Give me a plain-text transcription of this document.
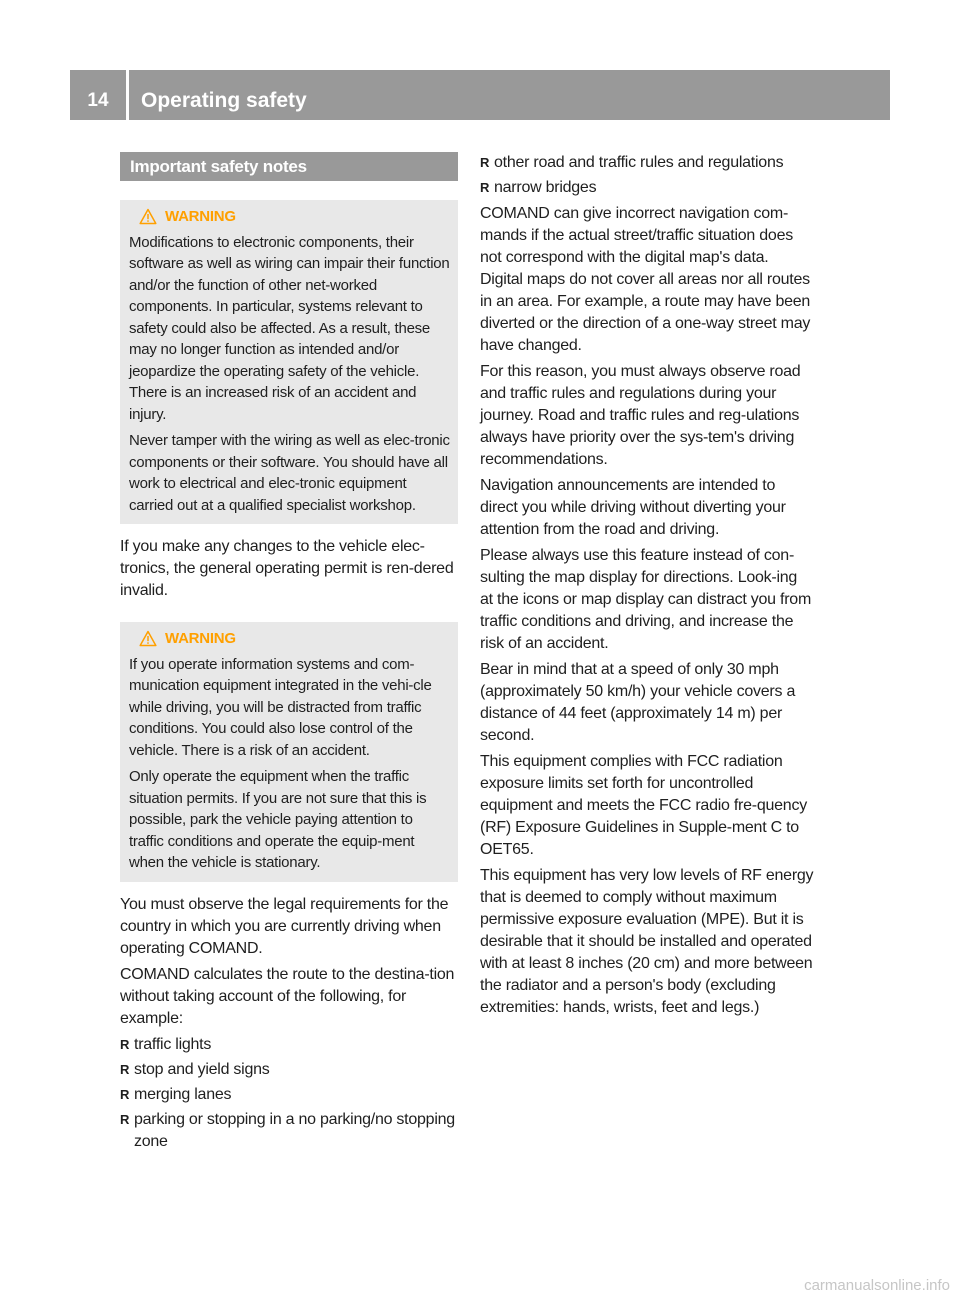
14	Operating safety
Important safety notes
WARNING

Modifications to electronic components, their software as well as wiring can impair their function and/or the function of other net-worked components. In particular, systems relevant to safety could also be affected. As a result, these may no longer function as intended and/or jeopardize the operating safety of the vehicle. There is an increased risk of an accident and injury.

Never tamper with the wiring as well as elec-tronic components or their software. You should have all work to electrical and elec-tronic equipment carried out at a qualified specialist workshop.

If you make any changes to the vehicle elec-tronics, the general operating permit is ren-dered invalid.

WARNING

If you operate information systems and com-munication equipment integrated in the vehi-cle while driving, you will be distracted from traffic conditions. You could also lose control of the vehicle. There is a risk of an accident.

Only operate the equipment when the traffic situation permits. If you are not sure that this is possible, park the vehicle paying attention to traffic conditions and operate the equip-ment when the vehicle is stationary.

You must observe the legal requirements for the country in which you are currently driving when operating COMAND.

COMAND calculates the route to the destina-tion without taking account of the following, for example:

R traffic lights
R stop and yield signs
R merging lanes
R parking or stopping in a no parking/no stopping zone
R other road and traffic rules and regulations
R narrow bridges

COMAND can give incorrect navigation com-mands if the actual street/traffic situation does not correspond with the digital map's data. Digital maps do not cover all areas nor all routes in an area. For example, a route may have been diverted or the direction of a one-way street may have changed.

For this reason, you must always observe road and traffic rules and regulations during your journey. Road and traffic rules and reg-ulations always have priority over the sys-tem's driving recommendations.

Navigation announcements are intended to direct you while driving without diverting your attention from the road and driving.

Please always use this feature instead of con-sulting the map display for directions. Look-ing at the icons or map display can distract you from traffic conditions and driving, and increase the risk of an accident.

Bear in mind that at a speed of only 30 mph (approximately 50 km/h) your vehicle covers a distance of 44 feet (approximately 14 m) per second.

This equipment complies with FCC radiation exposure limits set forth for uncontrolled equipment and meets the FCC radio fre-quency (RF) Exposure Guidelines in Supple-ment C to OET65.

This equipment has very low levels of RF energy that is deemed to comply without maximum permissive exposure evaluation (MPE). But it is desirable that it should be installed and operated with at least 8 inches (20 cm) and more between the radiator and a person's body (excluding extremities: hands, wrists, feet and legs.)

carmanualsonline.info
